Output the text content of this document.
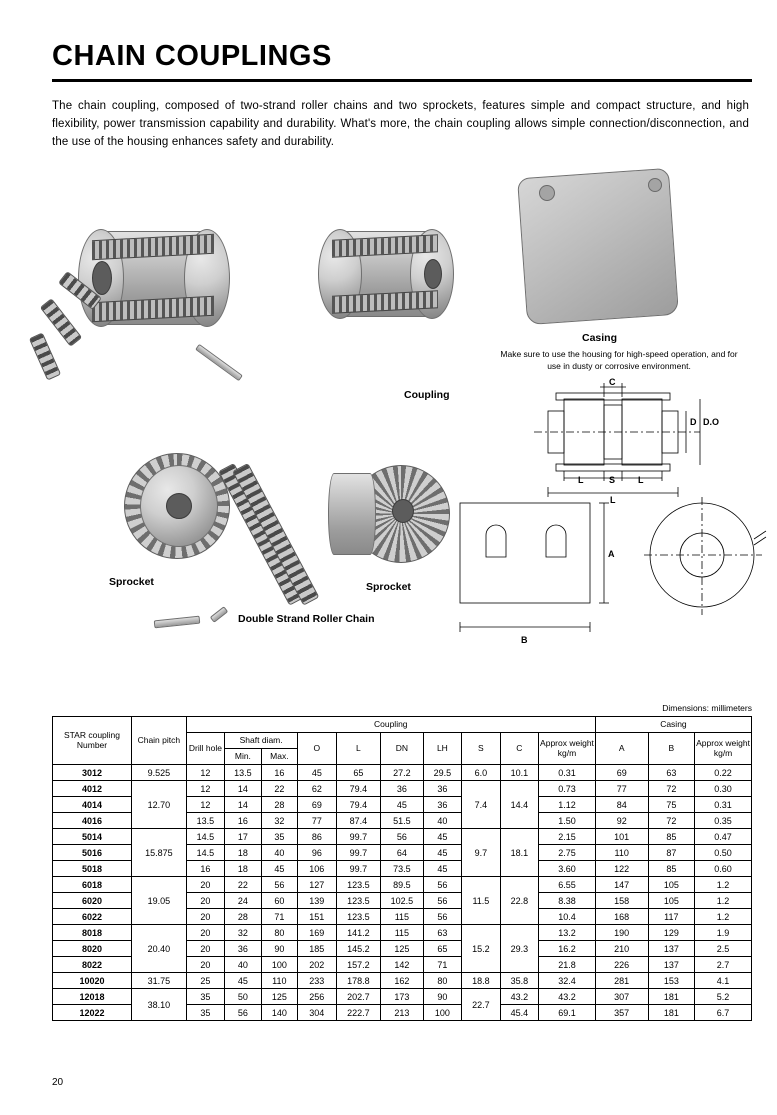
CHAIN COUPLINGS

The chain coupling, composed of two-strand roller chains and two sprockets, features simple and compact structure, and high flexibility, power transmission capability and durability. What's more, the chain coupling allows simple connection/disconnection, and the use of the housing enhances safety and durability.

Coupling
Casing
Make sure to use the housing for high-speed operation, and for use in dusty or corrosive environment.
Sprocket
Double Strand Roller Chain
Sprocket
C
D D.O
L	S	L
L
A
B
Dimensions: millimeters
STAR coupling Number	Chain pitch	Coupling										Casing		
		Drill hole	Shaft diam.		O	L	DN	LH	S	C	Approx weight kg/m	A	B	Approx weight kg/m
			Min.	Max.										
3012	9.525	12	13.5	16	45	65	27.2	29.5	6.0	10.1	0.31	69	63	0.22
4012	12.70	12	14	22	62	79.4	36	36	7.4	14.4	0.73	77	72	0.30
4014		12	14	28	69	79.4	45	36			1.12	84	75	0.31
4016		13.5	16	32	77	87.4	51.5	40			1.50	92	72	0.35
5014	15.875	14.5	17	35	86	99.7	56	45	9.7	18.1	2.15	101	85	0.47
5016		14.5	18	40	96	99.7	64	45			2.75	110	87	0.50
5018		16	18	45	106	99.7	73.5	45			3.60	122	85	0.60
6018	19.05	20	22	56	127	123.5	89.5	56	11.5	22.8	6.55	147	105	1.2
6020		20	24	60	139	123.5	102.5	56			8.38	158	105	1.2
6022		20	28	71	151	123.5	115	56			10.4	168	117	1.2
8018	20.40	20	32	80	169	141.2	115	63	15.2	29.3	13.2	190	129	1.9
8020		20	36	90	185	145.2	125	65			16.2	210	137	2.5
8022		20	40	100	202	157.2	142	71			21.8	226	137	2.7
10020	31.75	25	45	110	233	178.8	162	80	18.8	35.8	32.4	281	153	4.1
12018	38.10	35	50	125	256	202.7	173	90	22.7	43.2	43.2	307	181	5.2
12022		35	56	140	304	222.7	213	100		45.4	69.1	357	181	6.7
20
